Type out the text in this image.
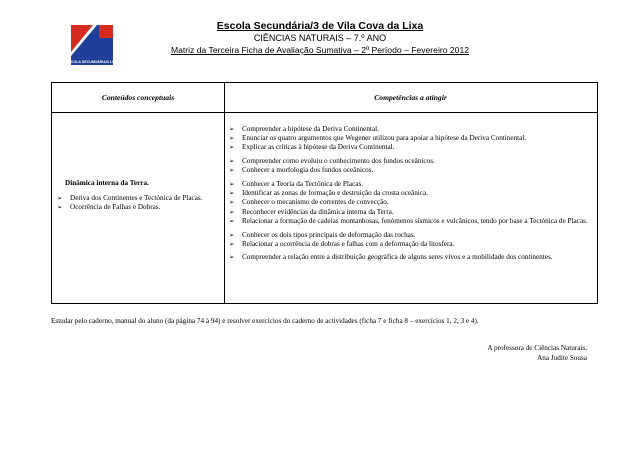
ESCOLA SECUNDÁRIA/3 LIXA
Escola Secundária/3 de Vila Cova da Lixa
CIÊNCIAS NATURAIS – 7.º ANO
Matriz da Terceira Ficha de Avaliação Sumativa – 2º Período – Fevereiro 2012
Conteúdos conceptuais	Competências a atingir
Dinâmica interna da Terra.
➢ Deriva dos Continentes e Tectónica de Placas.
➢ Ocorrência de Falhas e Dobras.
➢ Compreender a hipótese da Deriva Continental.
➢ Enunciar os quatro argumentos que Wegener utilizou para apoiar a hipótese da Deriva Continental.
➢ Explicar as críticas à hipótese da Deriva Continental.
➢ Compreender como evoluiu o conhecimento dos fundos oceânicos.
➢ Conhecer a morfologia dos fundos oceânicos.
➢ Conhecer a Teoria da Tectónica de Placas.
➢ Identificar as zonas de formação e destruição da crosta oceânica.
➢ Conhecer o mecanismo de correntes de convecção.
➢ Reconhecer evidências da dinâmica interna da Terra.
➢ Relacionar a formação de cadeias montanhosas, fenómenos sísmicos e vulcânicos, tendo por base a Tectónica de Placas.
➢ Conhecer os dois tipos principais de deformação das rochas.
➢ Relacionar a ocorrência de dobras e falhas com a deformação da litosfera.
➢ Compreender a relação entre a distribuição geográfica de alguns seres vivos e a mobilidade dos continentes.
Estudar pelo caderno, manual do aluno (da página 74 à 94) e resolver exercícios do caderno de actividades (ficha 7 e ficha 8 – exercícios 1, 2, 3 e 4).
A professora de Ciências Naturais,
Ana Judite Sousa
